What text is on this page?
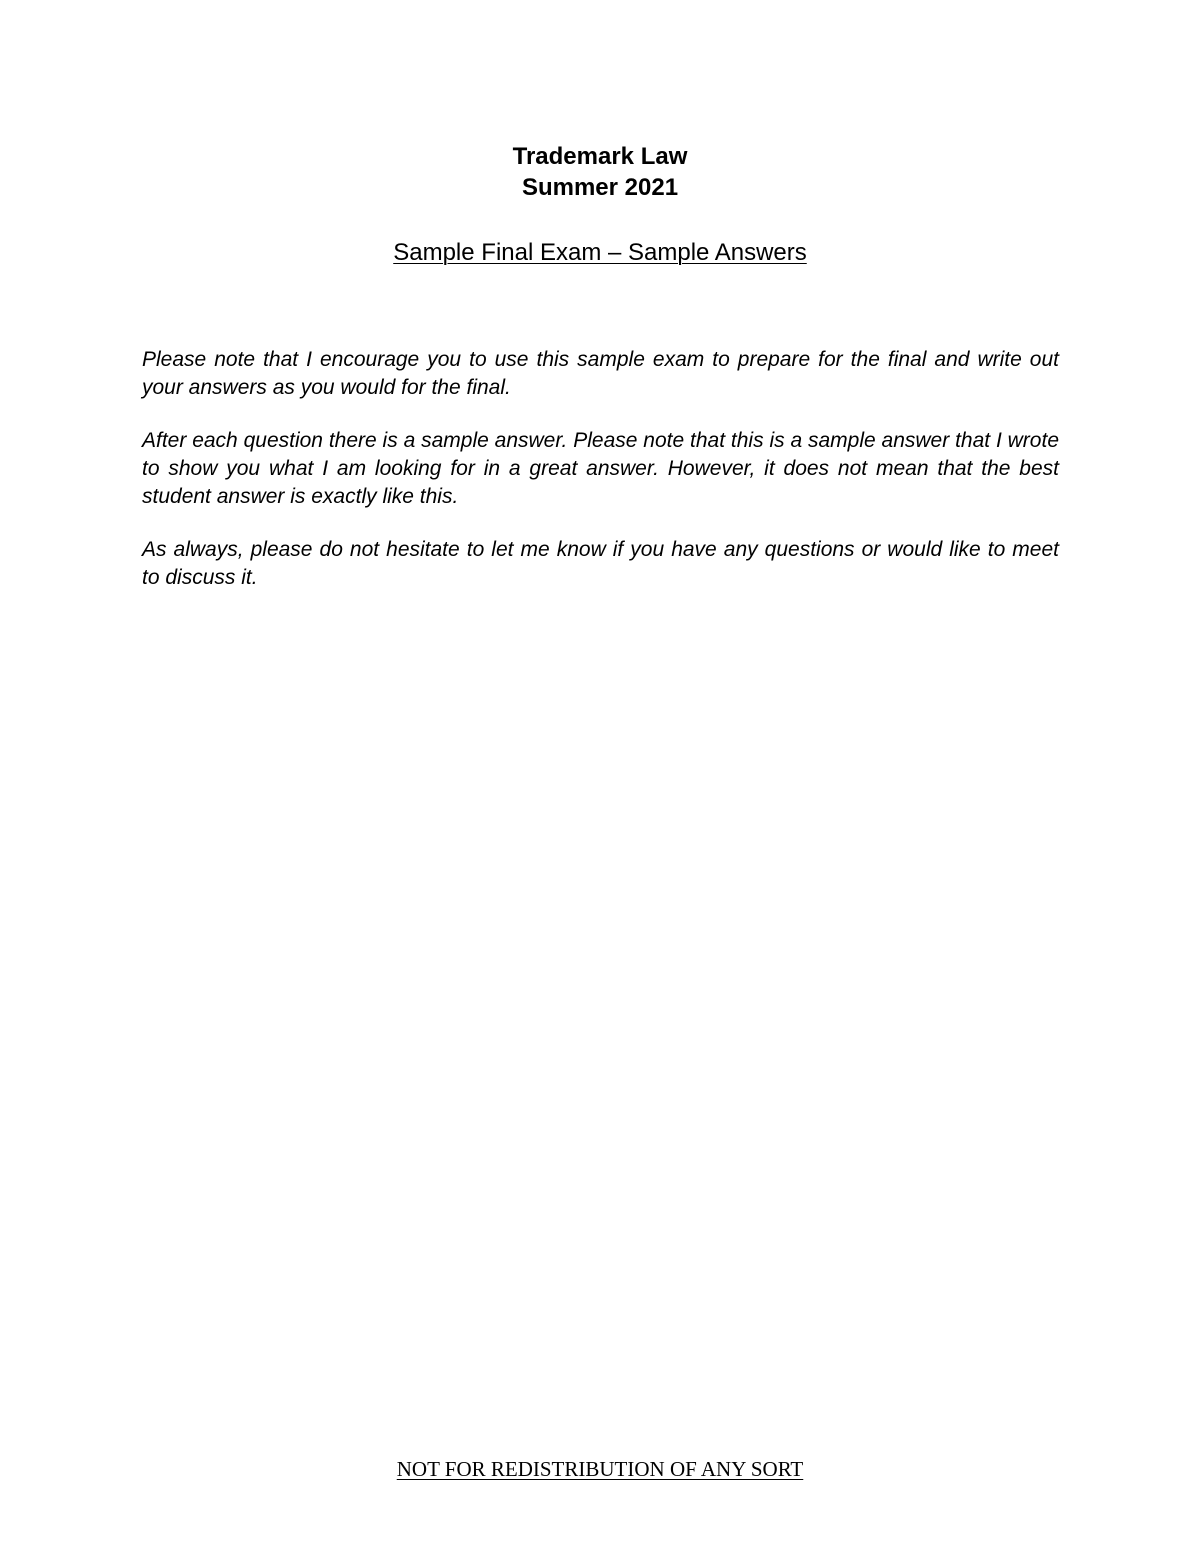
Trademark Law
Summer 2021
Sample Final Exam – Sample Answers

Please note that I encourage you to use this sample exam to prepare for the final and write out your answers as you would for the final.

After each question there is a sample answer. Please note that this is a sample answer that I wrote to show you what I am looking for in a great answer. However, it does not mean that the best student answer is exactly like this.

As always, please do not hesitate to let me know if you have any questions or would like to meet to discuss it.

NOT FOR REDISTRIBUTION OF ANY SORT
